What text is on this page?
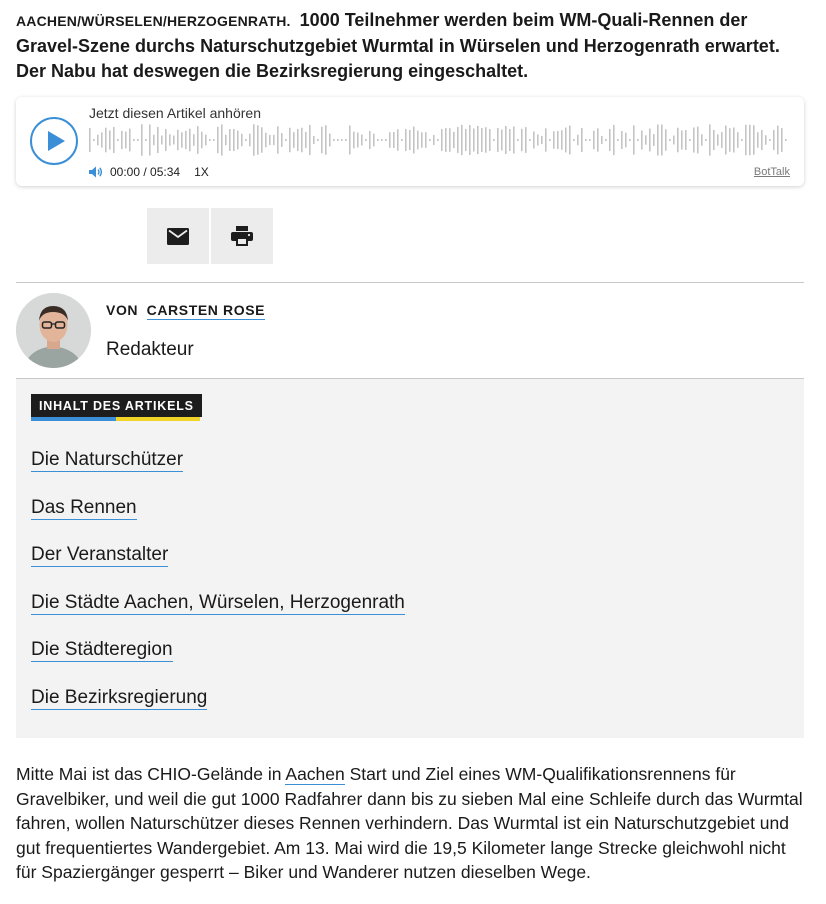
AACHEN/WÜRSELEN/HERZOGENRATH. 1000 Teilnehmer werden beim WM-Quali-Rennen der Gravel-Szene durchs Naturschutzgebiet Wurmtal in Würselen und Herzogenrath erwartet. Der Nabu hat deswegen die Bezirksregierung eingeschaltet.

Jetzt diesen Artikel anhören
00:00 / 05:34 1X	BotTalk
VON CARSTEN ROSE
Redakteur
INHALT DES ARTIKELS
Die Naturschützer
Das Rennen
Der Veranstalter
Die Städte Aachen, Würselen, Herzogenrath
Die Städteregion
Die Bezirksregierung

Mitte Mai ist das CHIO-Gelände in Aachen Start und Ziel eines WM-Qualifikationsrennens für Gravelbiker, und weil die gut 1000 Radfahrer dann bis zu sieben Mal eine Schleife durch das Wurmtal fahren, wollen Naturschützer dieses Rennen verhindern. Das Wurmtal ist ein Naturschutzgebiet und gut frequentiertes Wandergebiet. Am 13. Mai wird die 19,5 Kilometer lange Strecke gleichwohl nicht für Spaziergänger gesperrt – Biker und Wanderer nutzen dieselben Wege.
